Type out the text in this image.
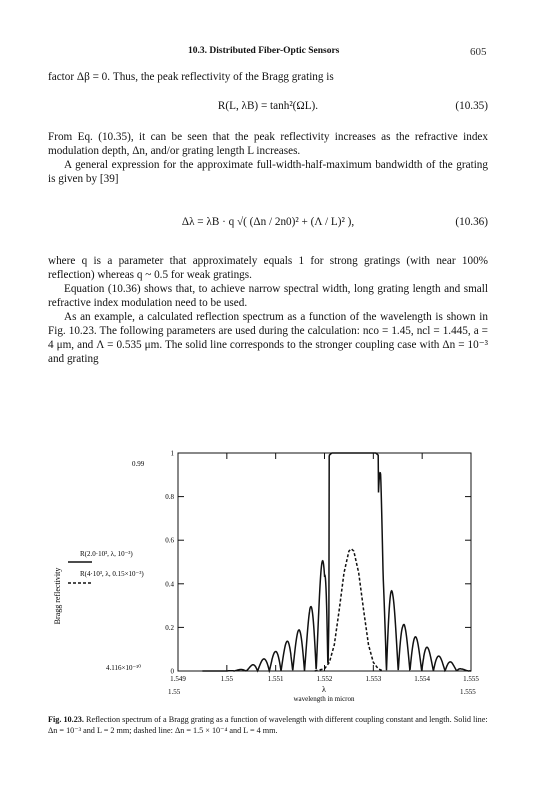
10.3. Distributed Fiber-Optic Sensors	605
factor Δβ = 0. Thus, the peak reflectivity of the Bragg grating is
R(L, λB) = tanh²(ΩL).	(10.35)
From Eq. (10.35), it can be seen that the peak reflectivity increases as the refractive index modulation depth, Δn, and/or grating length L increases.
A general expression for the approximate full-width-half-maximum bandwidth of the grating is given by [39]
Δλ = λB · q √( (Δn / 2n0)² + (Λ / L)² ),	(10.36)
where q is a parameter that approximately equals 1 for strong gratings (with near 100% reflection) whereas q ~ 0.5 for weak gratings.
Equation (10.36) shows that, to achieve narrow spectral width, long grating length and small refractive index modulation need to be used.
As an example, a calculated reflection spectrum as a function of the wavelength is shown in Fig. 10.23. The following parameters are used during the calculation: nco = 1.45, ncl = 1.445, a = 4 μm, and Λ = 0.535 μm. The solid line corresponds to the stronger coupling case with Δn = 10⁻³ and grating
0
0.2
0.4
0.6
0.8
1
1.549	1.55	1.551	1.552	1.553	1.554	1.555
Bragg reflectivity
0.99
4.116×10⁻¹⁰
1.55	1.555
λ
wavelength in micron
R(2.0·10³, λ, 10⁻³)
R(4·10³, λ, 0.15×10⁻³)
Fig. 10.23. Reflection spectrum of a Bragg grating as a function of wavelength with different coupling constant and length. Solid line: Δn = 10⁻³ and L = 2 mm; dashed line: Δn = 1.5 × 10⁻⁴ and L = 4 mm.
